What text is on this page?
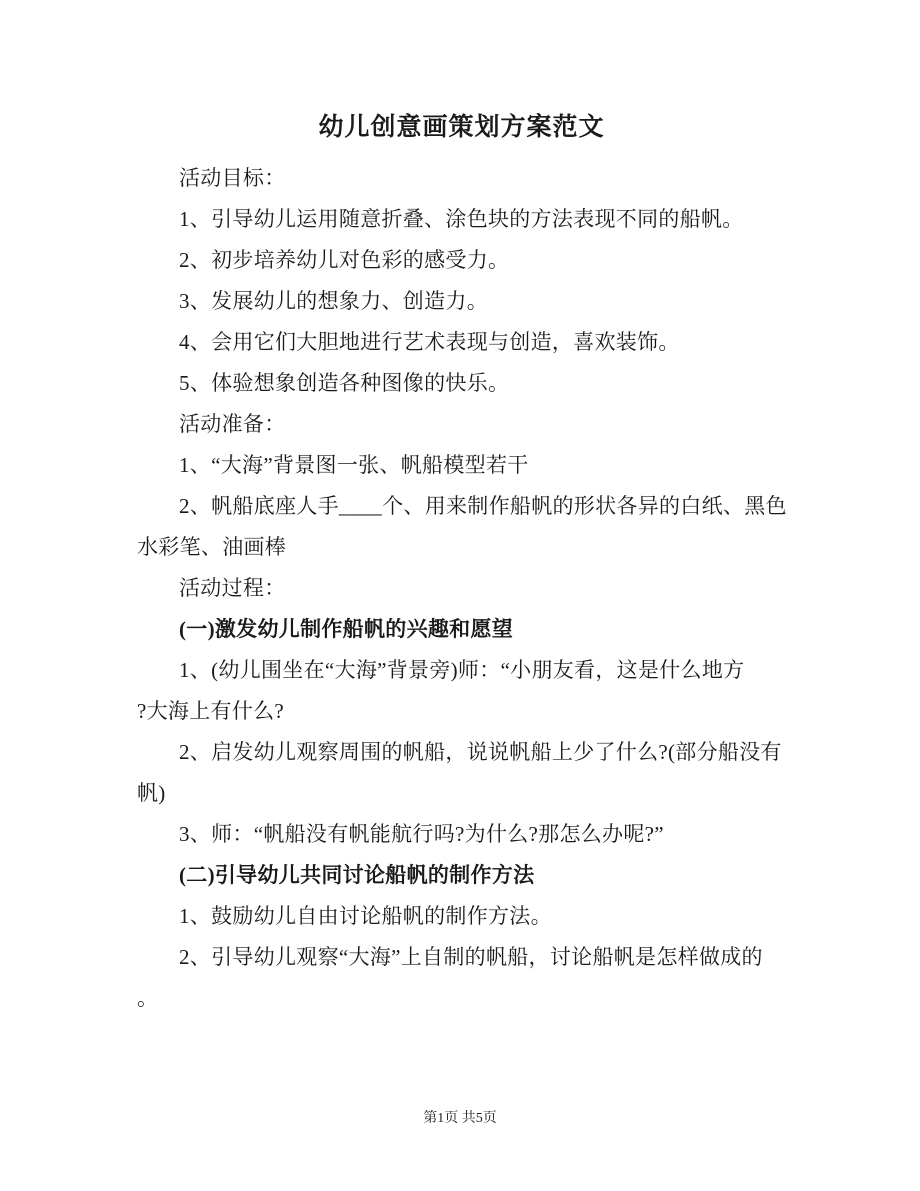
幼儿创意画策划方案范文
活动目标：
1、引导幼儿运用随意折叠、涂色块的方法表现不同的船帆。
2、初步培养幼儿对色彩的感受力。
3、发展幼儿的想象力、创造力。
4、会用它们大胆地进行艺术表现与创造，喜欢装饰。
5、体验想象创造各种图像的快乐。
活动准备：
1、“大海”背景图一张、帆船模型若干
2、帆船底座人手____个、用来制作船帆的形状各异的白纸、黑色
水彩笔、油画棒
活动过程：
(一)激发幼儿制作船帆的兴趣和愿望
1、(幼儿围坐在“大海”背景旁)师：“小朋友看，这是什么地方
?大海上有什么?
2、启发幼儿观察周围的帆船，说说帆船上少了什么?(部分船没有
帆)
3、师：“帆船没有帆能航行吗?为什么?那怎么办呢?”
(二)引导幼儿共同讨论船帆的制作方法
1、鼓励幼儿自由讨论船帆的制作方法。
2、引导幼儿观察“大海”上自制的帆船，讨论船帆是怎样做成的
。
第1页 共5页
